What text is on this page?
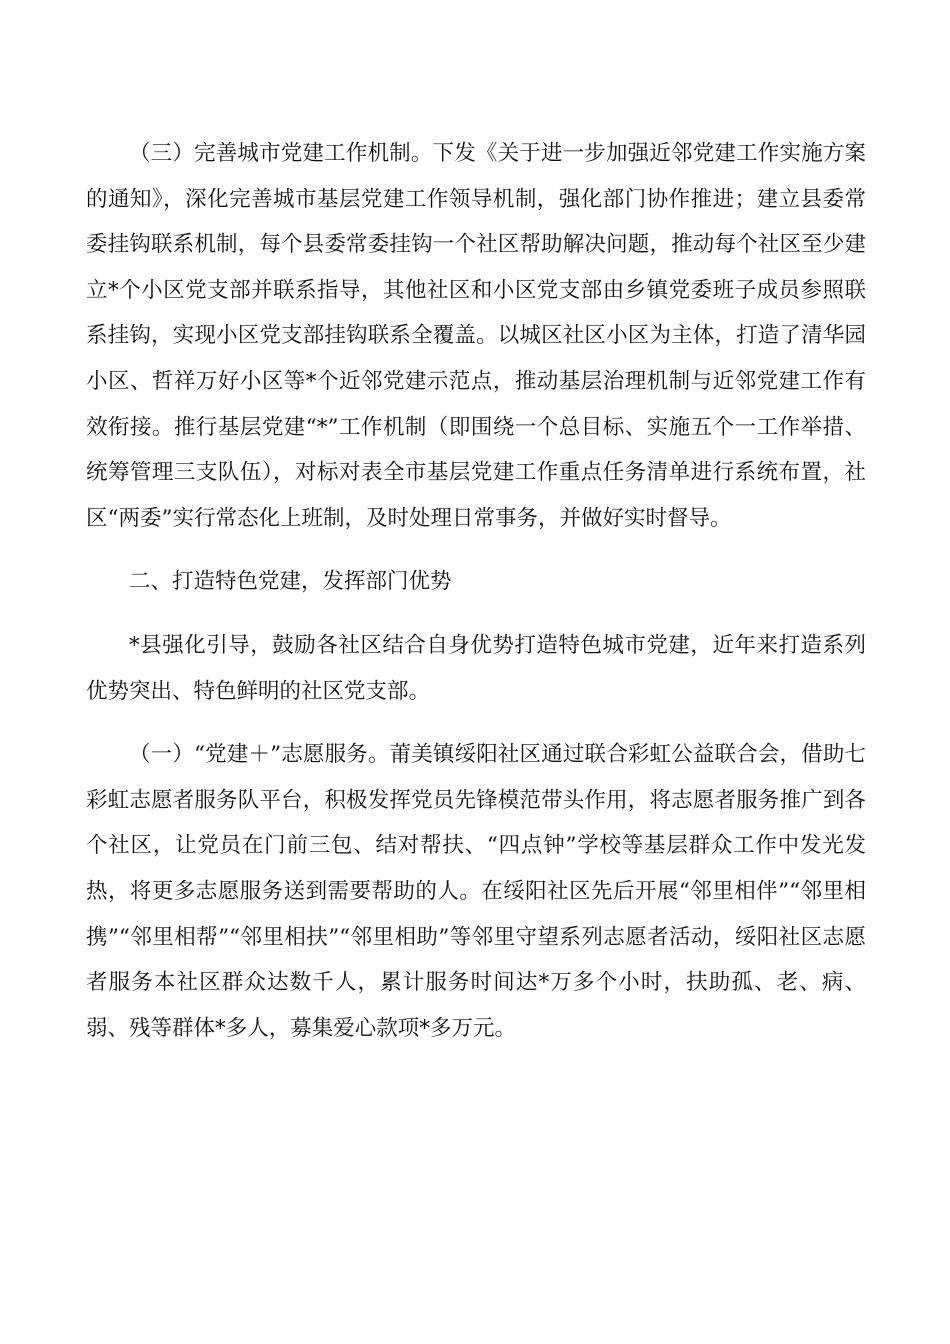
（三）完善城市党建工作机制。下发《关于进一步加强近邻党建工作实施方案的通知》，深化完善城市基层党建工作领导机制，强化部门协作推进；建立县委常委挂钩联系机制，每个县委常委挂钩一个社区帮助解决问题，推动每个社区至少建立*个小区党支部并联系指导，其他社区和小区党支部由乡镇党委班子成员参照联系挂钩，实现小区党支部挂钩联系全覆盖。以城区社区小区为主体，打造了清华园小区、哲祥万好小区等*个近邻党建示范点，推动基层治理机制与近邻党建工作有效衔接。推行基层党建“*”工作机制（即围绕一个总目标、实施五个一工作举措、统筹管理三支队伍），对标对表全市基层党建工作重点任务清单进行系统布置，社区“两委”实行常态化上班制，及时处理日常事务，并做好实时督导。

二、打造特色党建，发挥部门优势

*县强化引导，鼓励各社区结合自身优势打造特色城市党建，近年来打造系列优势突出、特色鲜明的社区党支部。

（一）“党建＋”志愿服务。莆美镇绥阳社区通过联合彩虹公益联合会，借助七彩虹志愿者服务队平台，积极发挥党员先锋模范带头作用，将志愿者服务推广到各个社区，让党员在门前三包、结对帮扶、“四点钟”学校等基层群众工作中发光发热，将更多志愿服务送到需要帮助的人。在绥阳社区先后开展“邻里相伴”“邻里相携”“邻里相帮”“邻里相扶”“邻里相助”等邻里守望系列志愿者活动，绥阳社区志愿者服务本社区群众达数千人，累计服务时间达*万多个小时，扶助孤、老、病、弱、残等群体*多人，募集爱心款项*多万元。
